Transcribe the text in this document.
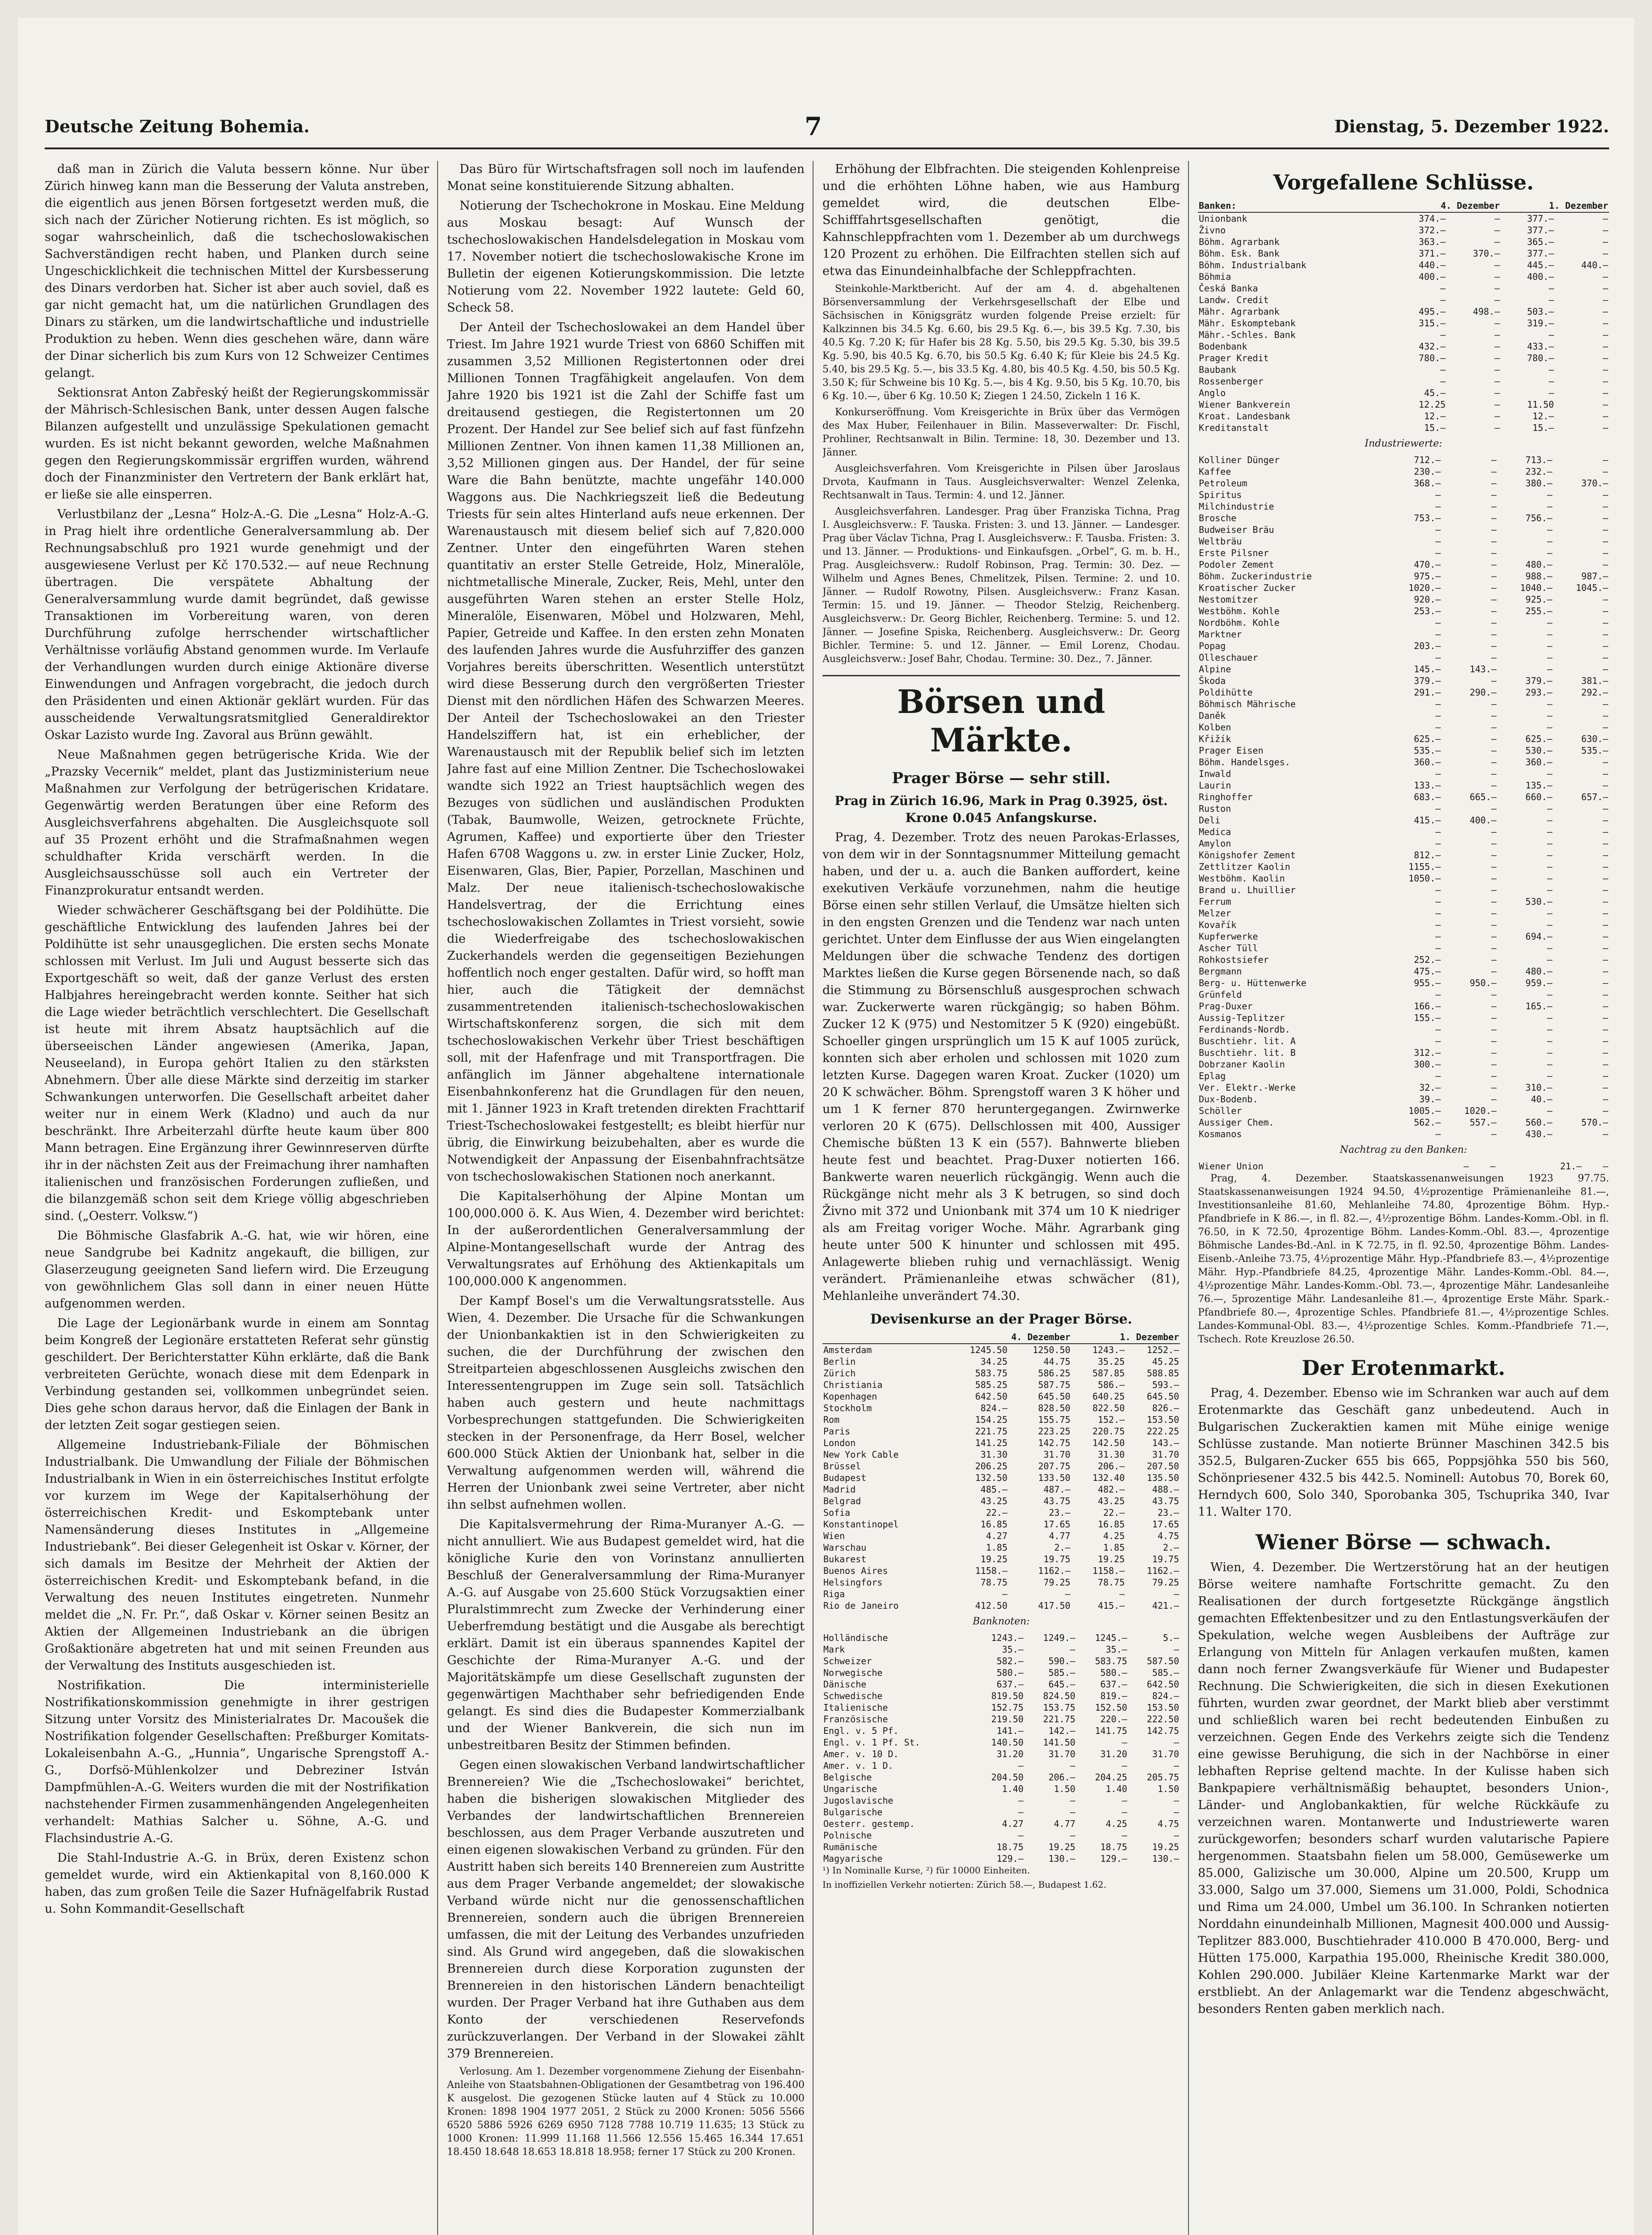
Deutsche Zeitung Bohemia.	7	Dienstag, 5. Dezember 1922.

daß man in Zürich die Valuta bessern könne. Nur über Zürich hinweg kann man die Besserung der Valuta anstreben, die eigentlich aus jenen Börsen fortgesetzt werden muß, die sich nach der Züricher Notierung richten. Es ist möglich, so sogar wahrscheinlich, daß die tschechoslowakischen Sachverständigen recht haben, und Planken durch seine Ungeschicklichkeit die technischen Mittel der Kursbesserung des Dinars verdorben hat. Sicher ist aber auch soviel, daß es gar nicht gemacht hat, um die natürlichen Grundlagen des Dinars zu stärken, um die landwirtschaftliche und industrielle Produktion zu heben. Wenn dies geschehen wäre, dann wäre der Dinar sicherlich bis zum Kurs von 12 Schweizer Centimes gelangt.

Sektionsrat Anton Zabřeský heißt der Regierungskommissär der Mährisch-Schlesischen Bank, unter dessen Augen falsche Bilanzen aufgestellt und unzulässige Spekulationen gemacht wurden. Es ist nicht bekannt geworden, welche Maßnahmen gegen den Regierungskommissär ergriffen wurden, während doch der Finanzminister den Vertretern der Bank erklärt hat, er ließe sie alle einsperren.

Verlustbilanz der „Lesna“ Holz-A.-G. Die „Lesna“ Holz-A.-G. in Prag hielt ihre ordentliche Generalversammlung ab. Der Rechnungsabschluß pro 1921 wurde genehmigt und der ausgewiesene Verlust per Kč 170.532.— auf neue Rechnung übertragen. Die verspätete Abhaltung der Generalversammlung wurde damit begründet, daß gewisse Transaktionen im Vorbereitung waren, von deren Durchführung zufolge herrschender wirtschaftlicher Verhältnisse vorläufig Abstand genommen wurde. Im Verlaufe der Verhandlungen wurden durch einige Aktionäre diverse Einwendungen und Anfragen vorgebracht, die jedoch durch den Präsidenten und einen Aktionär geklärt wurden. Für das ausscheidende Verwaltungsratsmitglied Generaldirektor Oskar Lazisto wurde Ing. Zavoral aus Brünn gewählt.

Neue Maßnahmen gegen betrügerische Krida. Wie der „Prazsky Vecernik“ meldet, plant das Justizministerium neue Maßnahmen zur Verfolgung der betrügerischen Kridatare. Gegenwärtig werden Beratungen über eine Reform des Ausgleichsverfahrens abgehalten. Die Ausgleichsquote soll auf 35 Prozent erhöht und die Strafmaßnahmen wegen schuldhafter Krida verschärft werden. In die Ausgleichsausschüsse soll auch ein Vertreter der Finanzprokuratur entsandt werden.

Wieder schwächerer Geschäftsgang bei der Poldihütte. Die geschäftliche Entwicklung des laufenden Jahres bei der Poldihütte ist sehr unausgeglichen. Die ersten sechs Monate schlossen mit Verlust. Im Juli und August besserte sich das Exportgeschäft so weit, daß der ganze Verlust des ersten Halbjahres hereingebracht werden konnte. Seither hat sich die Lage wieder beträchtlich verschlechtert. Die Gesellschaft ist heute mit ihrem Absatz hauptsächlich auf die überseeischen Länder angewiesen (Amerika, Japan, Neuseeland), in Europa gehört Italien zu den stärksten Abnehmern. Über alle diese Märkte sind derzeitig im starker Schwankungen unterworfen. Die Gesellschaft arbeitet daher weiter nur in einem Werk (Kladno) und auch da nur beschränkt. Ihre Arbeiterzahl dürfte heute kaum über 800 Mann betragen. Eine Ergänzung ihrer Gewinnreserven dürfte ihr in der nächsten Zeit aus der Freimachung ihrer namhaften italienischen und französischen Forderungen zufließen, und die bilanzgemäß schon seit dem Kriege völlig abgeschrieben sind. („Oesterr. Volksw.“)

Die Böhmische Glasfabrik A.-G. hat, wie wir hören, eine neue Sandgrube bei Kadnitz angekauft, die billigen, zur Glaserzeugung geeigneten Sand liefern wird. Die Erzeugung von gewöhnlichem Glas soll dann in einer neuen Hütte aufgenommen werden.

Die Lage der Legionärbank wurde in einem am Sonntag beim Kongreß der Legionäre erstatteten Referat sehr günstig geschildert. Der Berichterstatter Kühn erklärte, daß die Bank verbreiteten Gerüchte, wonach diese mit dem Edenpark in Verbindung gestanden sei, vollkommen unbegründet seien. Dies gehe schon daraus hervor, daß die Einlagen der Bank in der letzten Zeit sogar gestiegen seien.

Allgemeine Industriebank-Filiale der Böhmischen Industrialbank. Die Umwandlung der Filiale der Böhmischen Industrialbank in Wien in ein österreichisches Institut erfolgte vor kurzem im Wege der Kapitalserhöhung der österreichischen Kredit- und Eskomptebank unter Namensänderung dieses Institutes in „Allgemeine Industriebank“. Bei dieser Gelegenheit ist Oskar v. Körner, der sich damals im Besitze der Mehrheit der Aktien der österreichischen Kredit- und Eskomptebank befand, in die Verwaltung des neuen Institutes eingetreten. Nunmehr meldet die „N. Fr. Pr.“, daß Oskar v. Körner seinen Besitz an Aktien der Allgemeinen Industriebank an die übrigen Großaktionäre abgetreten hat und mit seinen Freunden aus der Verwaltung des Instituts ausgeschieden ist.

Nostrifikation. Die interministerielle Nostrifikationskommission genehmigte in ihrer gestrigen Sitzung unter Vorsitz des Ministerialrates Dr. Macoušek die Nostrifikation folgender Gesellschaften: Preßburger Komitats-Lokaleisenbahn A.-G., „Hunnia“, Ungarische Sprengstoff A.-G., Dorfsö-Mühlenkolzer und Debreziner István Dampfmühlen-A.-G. Weiters wurden die mit der Nostrifikation nachstehender Firmen zusammenhängenden Angelegenheiten verhandelt: Mathias Salcher u. Söhne, A.-G. und Flachsindustrie A.-G.

Die Stahl-Industrie A.-G. in Brüx, deren Existenz schon gemeldet wurde, wird ein Aktienkapital von 8,160.000 K haben, das zum großen Teile die Sazer Hufnägelfabrik Rustad u. Sohn Kommandit-Gesellschaft

Das Büro für Wirtschaftsfragen soll noch im laufenden Monat seine konstituierende Sitzung abhalten.

Notierung der Tschechokrone in Moskau. Eine Meldung aus Moskau besagt: Auf Wunsch der tschechoslowakischen Handelsdelegation in Moskau vom 17. November notiert die tschechoslowakische Krone im Bulletin der eigenen Kotierungskommission. Die letzte Notierung vom 22. November 1922 lautete: Geld 60, Scheck 58.

Der Anteil der Tschechoslowakei an dem Handel über Triest. Im Jahre 1921 wurde Triest von 6860 Schiffen mit zusammen 3,52 Millionen Registertonnen oder drei Millionen Tonnen Tragfähigkeit angelaufen. Von dem Jahre 1920 bis 1921 ist die Zahl der Schiffe fast um dreitausend gestiegen, die Registertonnen um 20 Prozent. Der Handel zur See belief sich auf fast fünfzehn Millionen Zentner. Von ihnen kamen 11,38 Millionen an, 3,52 Millionen gingen aus. Der Handel, der für seine Ware die Bahn benützte, machte ungefähr 140.000 Waggons aus. Die Nachkriegszeit ließ die Bedeutung Triests für sein altes Hinterland aufs neue erkennen. Der Warenaustausch mit diesem belief sich auf 7,820.000 Zentner. Unter den eingeführten Waren stehen quantitativ an erster Stelle Getreide, Holz, Mineralöle, nichtmetallische Minerale, Zucker, Reis, Mehl, unter den ausgeführten Waren stehen an erster Stelle Holz, Mineralöle, Eisenwaren, Möbel und Holzwaren, Mehl, Papier, Getreide und Kaffee. In den ersten zehn Monaten des laufenden Jahres wurde die Ausfuhrziffer des ganzen Vorjahres bereits überschritten. Wesentlich unterstützt wird diese Besserung durch den vergrößerten Triester Dienst mit den nördlichen Häfen des Schwarzen Meeres. Der Anteil der Tschechoslowakei an den Triester Handelsziffern hat, ist ein erheblicher, der Warenaustausch mit der Republik belief sich im letzten Jahre fast auf eine Million Zentner. Die Tschechoslowakei wandte sich 1922 an Triest hauptsächlich wegen des Bezuges von südlichen und ausländischen Produkten (Tabak, Baumwolle, Weizen, getrocknete Früchte, Agrumen, Kaffee) und exportierte über den Triester Hafen 6708 Waggons u. zw. in erster Linie Zucker, Holz, Eisenwaren, Glas, Bier, Papier, Porzellan, Maschinen und Malz. Der neue italienisch-tschechoslowakische Handelsvertrag, der die Errichtung eines tschechoslowakischen Zollamtes in Triest vorsieht, sowie die Wiederfreigabe des tschechoslowakischen Zuckerhandels werden die gegenseitigen Beziehungen hoffentlich noch enger gestalten. Dafür wird, so hofft man hier, auch die Tätigkeit der demnächst zusammentretenden italienisch-tschechoslowakischen Wirtschaftskonferenz sorgen, die sich mit dem tschechoslowakischen Verkehr über Triest beschäftigen soll, mit der Hafenfrage und mit Transportfragen. Die anfänglich im Jänner abgehaltene internationale Eisenbahnkonferenz hat die Grundlagen für den neuen, mit 1. Jänner 1923 in Kraft tretenden direkten Frachttarif Triest-Tschechoslowakei festgestellt; es bleibt hierfür nur übrig, die Einwirkung beizubehalten, aber es wurde die Notwendigkeit der Anpassung der Eisenbahnfrachtsätze von tschechoslowakischen Stationen noch anerkannt.

Die Kapitalserhöhung der Alpine Montan um 100,000.000 ö. K. Aus Wien, 4. Dezember wird berichtet: In der außerordentlichen Generalversammlung der Alpine-Montangesellschaft wurde der Antrag des Verwaltungsrates auf Erhöhung des Aktienkapitals um 100,000.000 K angenommen.

Der Kampf Bosel's um die Verwaltungsratsstelle. Aus Wien, 4. Dezember. Die Ursache für die Schwankungen der Unionbankaktien ist in den Schwierigkeiten zu suchen, die der Durchführung der zwischen den Streitparteien abgeschlossenen Ausgleichs zwischen den Interessentengruppen im Zuge sein soll. Tatsächlich haben auch gestern und heute nachmittags Vorbesprechungen stattgefunden. Die Schwierigkeiten stecken in der Personenfrage, da Herr Bosel, welcher 600.000 Stück Aktien der Unionbank hat, selber in die Verwaltung aufgenommen werden will, während die Herren der Unionbank zwei seine Vertreter, aber nicht ihn selbst aufnehmen wollen.

Die Kapitalsvermehrung der Rima-Muranyer A.-G. — nicht annulliert. Wie aus Budapest gemeldet wird, hat die königliche Kurie den von Vorinstanz annullierten Beschluß der Generalversammlung der Rima-Muranyer A.-G. auf Ausgabe von 25.600 Stück Vorzugsaktien einer Pluralstimmrecht zum Zwecke der Verhinderung einer Ueberfremdung bestätigt und die Ausgabe als berechtigt erklärt. Damit ist ein überaus spannendes Kapitel der Geschichte der Rima-Muranyer A.-G. und der Majoritätskämpfe um diese Gesellschaft zugunsten der gegenwärtigen Machthaber sehr befriedigenden Ende gelangt. Es sind dies die Budapester Kommerzialbank und der Wiener Bankverein, die sich nun im unbestreitbaren Besitz der Stimmen befinden.

Gegen einen slowakischen Verband landwirtschaftlicher Brennereien? Wie die „Tschechoslowakei“ berichtet, haben die bisherigen slowakischen Mitglieder des Verbandes der landwirtschaftlichen Brennereien beschlossen, aus dem Prager Verbande auszutreten und einen eigenen slowakischen Verband zu gründen. Für den Austritt haben sich bereits 140 Brennereien zum Austritte aus dem Prager Verbande angemeldet; der slowakische Verband würde nicht nur die genossenschaftlichen Brennereien, sondern auch die übrigen Brennereien umfassen, die mit der Leitung des Verbandes unzufrieden sind. Als Grund wird angegeben, daß die slowakischen Brennereien durch diese Korporation zugunsten der Brennereien in den historischen Ländern benachteiligt wurden. Der Prager Verband hat ihre Guthaben aus dem Konto der verschiedenen Reservefonds zurückzuverlangen. Der Verband in der Slowakei zählt 379 Brennereien.

Verlosung. Am 1. Dezember vorgenommene Ziehung der Eisenbahn-Anleihe von Staatsbahnen-Obligationen der Gesamtbetrag von 196.400 K ausgelost. Die gezogenen Stücke lauten auf 4 Stück zu 10.000 Kronen: 1898 1904 1977 2051, 2 Stück zu 2000 Kronen: 5056 5566 6520 5886 5926 6269 6950 7128 7788 10.719 11.635; 13 Stück zu 1000 Kronen: 11.999 11.168 11.566 12.556 15.465 16.344 17.651 18.450 18.648 18.653 18.818 18.958; ferner 17 Stück zu 200 Kronen.

Erhöhung der Elbfrachten. Die steigenden Kohlenpreise und die erhöhten Löhne haben, wie aus Hamburg gemeldet wird, die deutschen Elbe-Schifffahrtsgesellschaften genötigt, die Kahnschleppfrachten vom 1. Dezember ab um durchwegs 120 Prozent zu erhöhen. Die Eilfrachten stellen sich auf etwa das Einundeinhalbfache der Schleppfrachten.

Steinkohle-Marktbericht. Auf der am 4. d. abgehaltenen Börsenversammlung der Verkehrsgesellschaft der Elbe und Sächsischen in Königsgrätz wurden folgende Preise erzielt: für Kalkzinnen bis 34.5 Kg. 6.60, bis 29.5 Kg. 6.—, bis 39.5 Kg. 7.30, bis 40.5 Kg. 7.20 K; für Hafer bis 28 Kg. 5.50, bis 29.5 Kg. 5.30, bis 39.5 Kg. 5.90, bis 40.5 Kg. 6.70, bis 50.5 Kg. 6.40 K; für Kleie bis 24.5 Kg. 5.40, bis 29.5 Kg. 5.—, bis 33.5 Kg. 4.80, bis 40.5 Kg. 4.50, bis 50.5 Kg. 3.50 K; für Schweine bis 10 Kg. 5.—, bis 4 Kg. 9.50, bis 5 Kg. 10.70, bis 6 Kg. 10.—, über 6 Kg. 10.50 K; Ziegen 1 24.50, Zickeln 1 16 K.

Konkurseröffnung. Vom Kreisgerichte in Brüx über das Vermögen des Max Huber, Feilenhauer in Bilin. Masseverwalter: Dr. Fischl, Prohliner, Rechtsanwalt in Bilin. Termine: 18, 30. Dezember und 13. Jänner.

Ausgleichsverfahren. Vom Kreisgerichte in Pilsen über Jaroslaus Drvota, Kaufmann in Taus. Ausgleichsverwalter: Wenzel Zelenka, Rechtsanwalt in Taus. Termin: 4. und 12. Jänner.

Ausgleichsverfahren. Landesger. Prag über Franziska Tichna, Prag I. Ausgleichsverw.: F. Tauska. Fristen: 3. und 13. Jänner. — Landesger. Prag über Václav Tichna, Prag I. Ausgleichsverw.: F. Tausba. Fristen: 3. und 13. Jänner. — Produktions- und Einkaufsgen. „Orbel“, G. m. b. H., Prag. Ausgleichsverw.: Rudolf Robinson, Prag. Termin: 30. Dez. — Wilhelm und Agnes Benes, Chmelitzek, Pilsen. Termine: 2. und 10. Jänner. — Rudolf Rowotny, Pilsen. Ausgleichsverw.: Franz Kasan. Termin: 15. und 19. Jänner. — Theodor Stelzig, Reichenberg. Ausgleichsverw.: Dr. Georg Bichler, Reichenberg. Termine: 5. und 12. Jänner. — Josefine Spiska, Reichenberg. Ausgleichsverw.: Dr. Georg Bichler. Termine: 5. und 12. Jänner. — Emil Lorenz, Chodau. Ausgleichsverw.: Josef Bahr, Chodau. Termine: 30. Dez., 7. Jänner.

Börsen und Märkte.
Prager Börse — sehr still.

Prag in Zürich 16.96, Mark in Prag 0.3925, öst. Krone 0.045 Anfangskurse.

Prag, 4. Dezember. Trotz des neuen Parokas-Erlasses, von dem wir in der Sonntagsnummer Mitteilung gemacht haben, und der u. a. auch die Banken auffordert, keine exekutiven Verkäufe vorzunehmen, nahm die heutige Börse einen sehr stillen Verlauf, die Umsätze hielten sich in den engsten Grenzen und die Tendenz war nach unten gerichtet. Unter dem Einflusse der aus Wien eingelangten Meldungen über die schwache Tendenz des dortigen Marktes ließen die Kurse gegen Börsenende nach, so daß die Stimmung zu Börsenschluß ausgesprochen schwach war. Zuckerwerte waren rückgängig; so haben Böhm. Zucker 12 K (975) und Nestomitzer 5 K (920) eingebüßt. Schoeller gingen ursprünglich um 15 K auf 1005 zurück, konnten sich aber erholen und schlossen mit 1020 zum letzten Kurse. Dagegen waren Kroat. Zucker (1020) um 20 K schwächer. Böhm. Sprengstoff waren 3 K höher und um 1 K ferner 870 heruntergegangen. Zwirnwerke verloren 20 K (675). Dellschlossen mit 400, Aussiger Chemische büßten 13 K ein (557). Bahnwerte blieben heute fest und beachtet. Prag-Duxer notierten 166. Bankwerte waren neuerlich rückgängig. Wenn auch die Rückgänge nicht mehr als 3 K betrugen, so sind doch Živno mit 372 und Unionbank mit 374 um 10 K niedriger als am Freitag voriger Woche. Mähr. Agrarbank ging heute unter 500 K hinunter und schlossen mit 495. Anlagewerte blieben ruhig und vernachlässigt. Wenig verändert. Prämienanleihe etwas schwächer (81), Mehlanleihe unverändert 74.30.

Devisenkurse an der Prager Börse.
	4. Dezember		1. Dezember	
Amsterdam	1245.50	1250.50	1243.—	1252.—
Berlin	34.25	44.75	35.25	45.25
Zürich	583.75	586.25	587.85	588.85
Christiania	585.25	587.75	586.—	593.—
Kopenhagen	642.50	645.50	640.25	645.50
Stockholm	824.—	828.50	822.50	826.—
Rom	154.25	155.75	152.—	153.50
Paris	221.75	223.25	220.75	222.25
London	141.25	142.75	142.50	143.—
New York Cable	31.30	31.70	31.30	31.70
Brüssel	206.25	207.75	206.—	207.50
Budapest	132.50	133.50	132.40	135.50
Madrid	485.—	487.—	482.—	488.—
Belgrad	43.25	43.75	43.25	43.75
Sofia	22.—	23.—	22.—	23.—
Konstantinopel	16.85	17.65	16.85	17.65
Wien	4.27	4.77	4.25	4.75
Warschau	1.85	2.—	1.85	2.—
Bukarest	19.25	19.75	19.25	19.75
Buenos Aires	1158.—	1162.—	1158.—	1162.—
Helsingfors	78.75	79.25	78.75	79.25
Riga	—	—	—	—
Rio de Janeiro	412.50	417.50	415.—	421.—
Banknoten:
Holländische	1243.—	1249.—	1245.—	5.—
Mark	35.—	—	35.—	—
Schweizer	582.—	590.—	583.75	587.50
Norwegische	580.—	585.—	580.—	585.—
Dänische	637.—	645.—	637.—	642.50
Schwedische	819.50	824.50	819.—	824.—
Italienische	152.75	153.75	152.50	153.50
Französische	219.50	221.75	220.—	222.50
Engl. v. 5 Pf.	141.—	142.—	141.75	142.75
Engl. v. 1 Pf. St.	140.50	141.50	—	—
Amer. v. 10 D.	31.20	31.70	31.20	31.70
Amer. v. 1 D.	—	—	—	—
Belgische	204.50	206.—	204.25	205.75
Ungarische	1.40	1.50	1.40	1.50
Jugoslavische	—	—	—	—
Bulgarische	—	—	—	—
Oesterr. gestemp.	4.27	4.77	4.25	4.75
Polnische	—	—	—	—
Rumänische	18.75	19.25	18.75	19.25
Magyarische	129.—	130.—	129.—	130.—

¹) In Nominalle Kurse, ²) für 10000 Einheiten.

In inoffiziellen Verkehr notierten: Zürich 58.—, Budapest 1.62.

Vorgefallene Schlüsse.
Banken:	4. Dezember		1. Dezember	
Unionbank	374.—	—	377.—	—
Živno	372.—	—	377.—	—
Böhm. Agrarbank	363.—	—	365.—	—
Böhm. Esk. Bank	371.—	370.—	377.—	—
Böhm. Industrialbank	440.—	—	445.—	440.—
Böhmia	400.—	—	400.—	—
Česká Banka	—	—	—	—
Landw. Credit	—	—	—	—
Mähr. Agrarbank	495.—	498.—	503.—	—
Mähr. Eskomptebank	315.—	—	319.—	—
Mähr.-Schles. Bank	—	—	—	—
Bodenbank	432.—	—	433.—	—
Prager Kredit	780.—	—	780.—	—
Baubank	—	—	—	—
Rossenberger	—	—	—	—
Anglo	45.—	—	—	—
Wiener Bankverein	12.25	—	11.50	—
Kroat. Landesbank	12.—	—	12.—	—
Kreditanstalt	15.—	—	15.—	—
Industriewerte:
Kolliner Dünger	712.—	—	713.—	—
Kaffee	230.—	—	232.—	—
Petroleum	368.—	—	380.—	370.—
Spiritus	—	—	—	—
Milchindustrie	—	—	—	—
Brosche	753.—	—	756.—	—
Budweiser Bräu	—	—	—	—
Weltbräu	—	—	—	—
Erste Pilsner	—	—	—	—
Podoler Zement	470.—	—	480.—	—
Böhm. Zuckerindustrie	975.—	—	988.—	987.—
Kroatischer Zucker	1020.—	—	1040.—	1045.—
Nestomitzer	920.—	—	925.—	—
Westböhm. Kohle	253.—	—	255.—	—
Nordböhm. Kohle	—	—	—	—
Marktner	—	—	—	—
Popag	203.—	—	—	—
Olleschauer	—	—	—	—
Alpine	145.—	143.—	—	—
Škoda	379.—	—	379.—	381.—
Poldihütte	291.—	290.—	293.—	292.—
Böhmisch Mährische	—	—	—	—
Daněk	—	—	—	—
Kolben	—	—	—	—
Křižík	625.—	—	625.—	630.—
Prager Eisen	535.—	—	530.—	535.—
Böhm. Handelsges.	360.—	—	360.—	—
Inwald	—	—	—	—
Laurin	133.—	—	135.—	—
Ringhoffer	683.—	665.—	660.—	657.—
Ruston	—	—	—	—
Deli	415.—	400.—	—	—
Medica	—	—	—	—
Amylon	—	—	—	—
Königshofer Zement	812.—	—	—	—
Zettlitzer Kaolin	1155.—	—	—	—
Westböhm. Kaolin	1050.—	—	—	—
Brand u. Lhuillier	—	—	—	—
Ferrum	—	—	530.—	—
Melzer	—	—	—	—
Kovařík	—	—	—	—
Kupferwerke	—	—	694.—	—
Ascher Tüll	—	—	—	—
Rohkostsiefer	252.—	—	—	—
Bergmann	475.—	—	480.—	—
Berg- u. Hüttenwerke	955.—	950.—	959.—	—
Grünfeld	—	—	—	—
Prag-Duxer	166.—	—	165.—	—
Aussig-Teplitzer	155.—	—	—	—
Ferdinands-Nordb.	—	—	—	—
Buschtiehr. lit. A	—	—	—	—
Buschtiehr. lit. B	312.—	—	—	—
Dobrzaner Kaolin	300.—	—	—	—
Eplag	—	—	—	—
Ver. Elektr.-Werke	32.—	—	310.—	—
Dux-Bodenb.	39.—	—	40.—	—
Schöller	1005.—	1020.—	—	—
Aussiger Chem.	562.—	557.—	560.—	570.—
Kosmanos	—	—	430.—	—
Nachtrag zu den Banken:
Wiener Union	—	—	21.—	—

Prag, 4. Dezember. Staatskassenanweisungen 1923 97.75. Staatskassenanweisungen 1924 94.50, 4½prozentige Prämienanleihe 81.—, Investitionsanleihe 81.60, Mehlanleihe 74.80, 4prozentige Böhm. Hyp.-Pfandbriefe in K 86.—, in fl. 82.—, 4½prozentige Böhm. Landes-Komm.-Obl. in fl. 76.50, in K 72.50, 4prozentige Böhm. Landes-Komm.-Obl. 83.—, 4prozentige Böhmische Landes-Bd.-Anl. in K 72.75, in fl. 92.50, 4prozentige Böhm. Landes-Eisenb.-Anleihe 73.75, 4½prozentige Mähr. Hyp.-Pfandbriefe 83.—, 4½prozentige Mähr. Hyp.-Pfandbriefe 84.25, 4prozentige Mähr. Landes-Komm.-Obl. 84.—, 4½prozentige Mähr. Landes-Komm.-Obl. 73.—, 4prozentige Mähr. Landesanleihe 76.—, 5prozentige Mähr. Landesanleihe 81.—, 4prozentige Erste Mähr. Spark.-Pfandbriefe 80.—, 4prozentige Schles. Pfandbriefe 81.—, 4½prozentige Schles. Landes-Kommunal-Obl. 83.—, 4½prozentige Schles. Komm.-Pfandbriefe 71.—, Tschech. Rote Kreuzlose 26.50.

Der Erotenmarkt.

Prag, 4. Dezember. Ebenso wie im Schranken war auch auf dem Erotenmarkte das Geschäft ganz unbedeutend. Auch in Bulgarischen Zuckeraktien kamen mit Mühe einige wenige Schlüsse zustande. Man notierte Brünner Maschinen 342.5 bis 352.5, Bulgaren-Zucker 655 bis 665, Poppsjöhka 550 bis 560, Schönpriesener 432.5 bis 442.5. Nominell: Autobus 70, Borek 60, Herndych 600, Solo 340, Sporobanka 305, Tschuprika 340, Ivar 11. Walter 170.

Wiener Börse — schwach.

Wien, 4. Dezember. Die Wertzerstörung hat an der heutigen Börse weitere namhafte Fortschritte gemacht. Zu den Realisationen der durch fortgesetzte Rückgänge ängstlich gemachten Effektenbesitzer und zu den Entlastungsverkäufen der Spekulation, welche wegen Ausbleibens der Aufträge zur Erlangung von Mitteln für Anlagen verkaufen mußten, kamen dann noch ferner Zwangsverkäufe für Wiener und Budapester Rechnung. Die Schwierigkeiten, die sich in diesen Exekutionen führten, wurden zwar geordnet, der Markt blieb aber verstimmt und schließlich waren bei recht bedeutenden Einbußen zu verzeichnen. Gegen Ende des Verkehrs zeigte sich die Tendenz eine gewisse Beruhigung, die sich in der Nachbörse in einer lebhaften Reprise geltend machte. In der Kulisse haben sich Bankpapiere verhältnismäßig behauptet, besonders Union-, Länder- und Anglobankaktien, für welche Rückkäufe zu verzeichnen waren. Montanwerte und Industriewerte waren zurückgeworfen; besonders scharf wurden valutarische Papiere hergenommen. Staatsbahn fielen um 58.000, Gemüsewerke um 85.000, Galizische um 30.000, Alpine um 20.500, Krupp um 33.000, Salgo um 37.000, Siemens um 31.000, Poldi, Schodnica und Rima um 24.000, Umbel um 36.100. In Schranken notierten Norddahn einundeinhalb Millionen, Magnesit 400.000 und Aussig-Teplitzer 883.000, Buschtiehrader 410.000 B 470.000, Berg- und Hütten 175.000, Karpathia 195.000, Rheinische Kredit 380.000, Kohlen 290.000. Jubiläer Kleine Kartenmarke Markt war der erstbliebt. An der Anlagemarkt war die Tendenz abgeschwächt, besonders Renten gaben merklich nach.
